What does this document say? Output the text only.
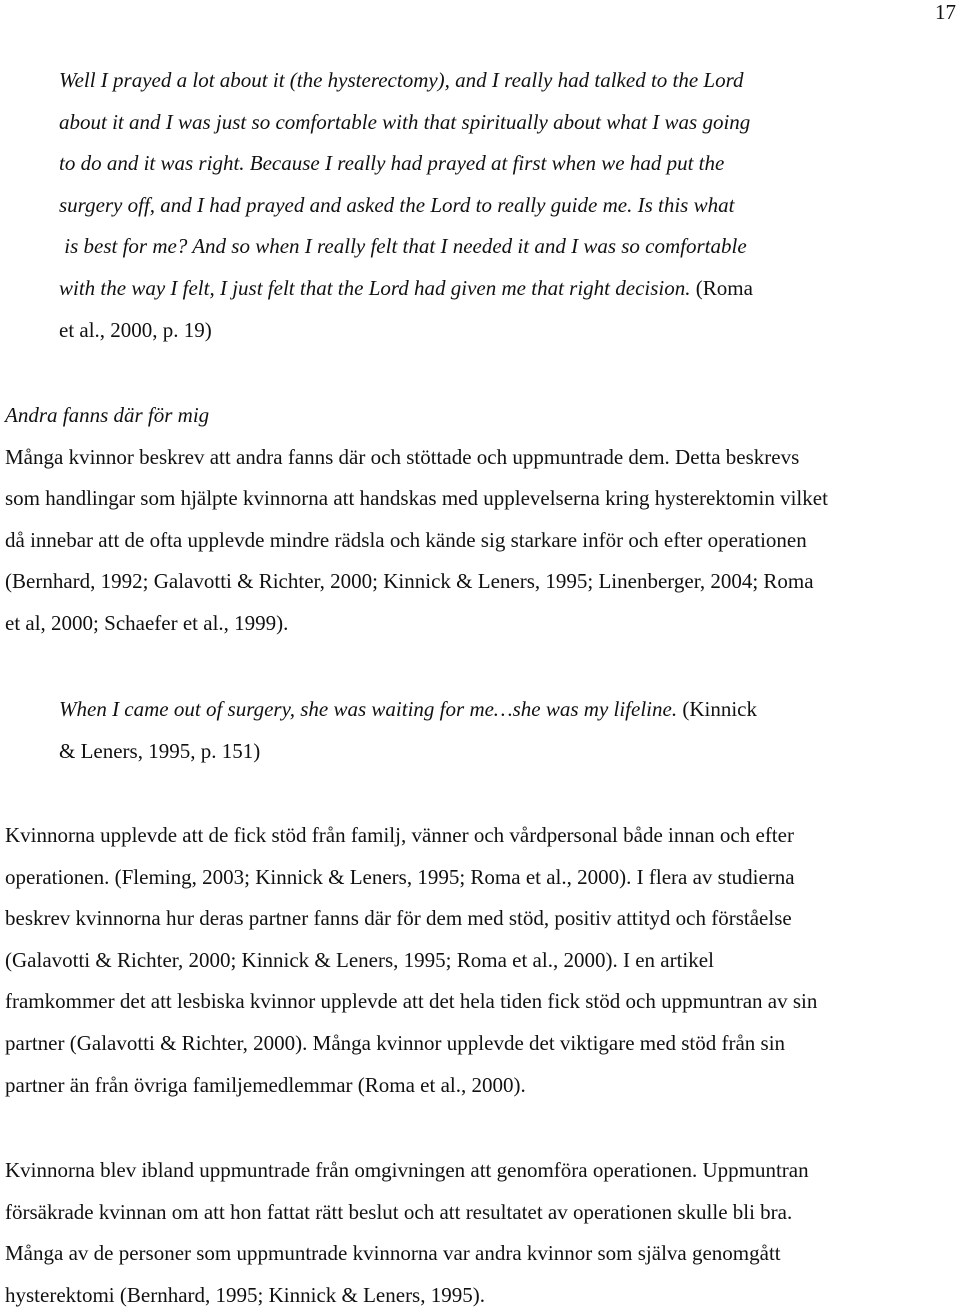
17
Well I prayed a lot about it (the hysterectomy), and I really had talked to the Lord
about it and I was just so comfortable with that spiritually about what I was going
to do and it was right. Because I really had prayed at first when we had put the
surgery off, and I had prayed and asked the Lord to really guide me. Is this what
is best for me? And so when I really felt that I needed it and I was so comfortable
with the way I felt, I just felt that the Lord had given me that right decision. (Roma
et al., 2000, p. 19)
Andra fanns där för mig
Många kvinnor beskrev att andra fanns där och stöttade och uppmuntrade dem. Detta beskrevs
som handlingar som hjälpte kvinnorna att handskas med upplevelserna kring hysterektomin vilket
då innebar att de ofta upplevde mindre rädsla och kände sig starkare inför och efter operationen
(Bernhard, 1992; Galavotti & Richter, 2000; Kinnick & Leners, 1995; Linenberger, 2004; Roma
et al, 2000; Schaefer et al., 1999).
When I came out of surgery, she was waiting for me…she was my lifeline. (Kinnick
& Leners, 1995, p. 151)
Kvinnorna upplevde att de fick stöd från familj, vänner och vårdpersonal både innan och efter
operationen. (Fleming, 2003; Kinnick & Leners, 1995; Roma et al., 2000). I flera av studierna
beskrev kvinnorna hur deras partner fanns där för dem med stöd, positiv attityd och förståelse
(Galavotti & Richter, 2000; Kinnick & Leners, 1995; Roma et al., 2000). I en artikel
framkommer det att lesbiska kvinnor upplevde att det hela tiden fick stöd och uppmuntran av sin
partner (Galavotti & Richter, 2000). Många kvinnor upplevde det viktigare med stöd från sin
partner än från övriga familjemedlemmar (Roma et al., 2000).
Kvinnorna blev ibland uppmuntrade från omgivningen att genomföra operationen. Uppmuntran
försäkrade kvinnan om att hon fattat rätt beslut och att resultatet av operationen skulle bli bra.
Många av de personer som uppmuntrade kvinnorna var andra kvinnor som själva genomgått
hysterektomi (Bernhard, 1995; Kinnick & Leners, 1995).
